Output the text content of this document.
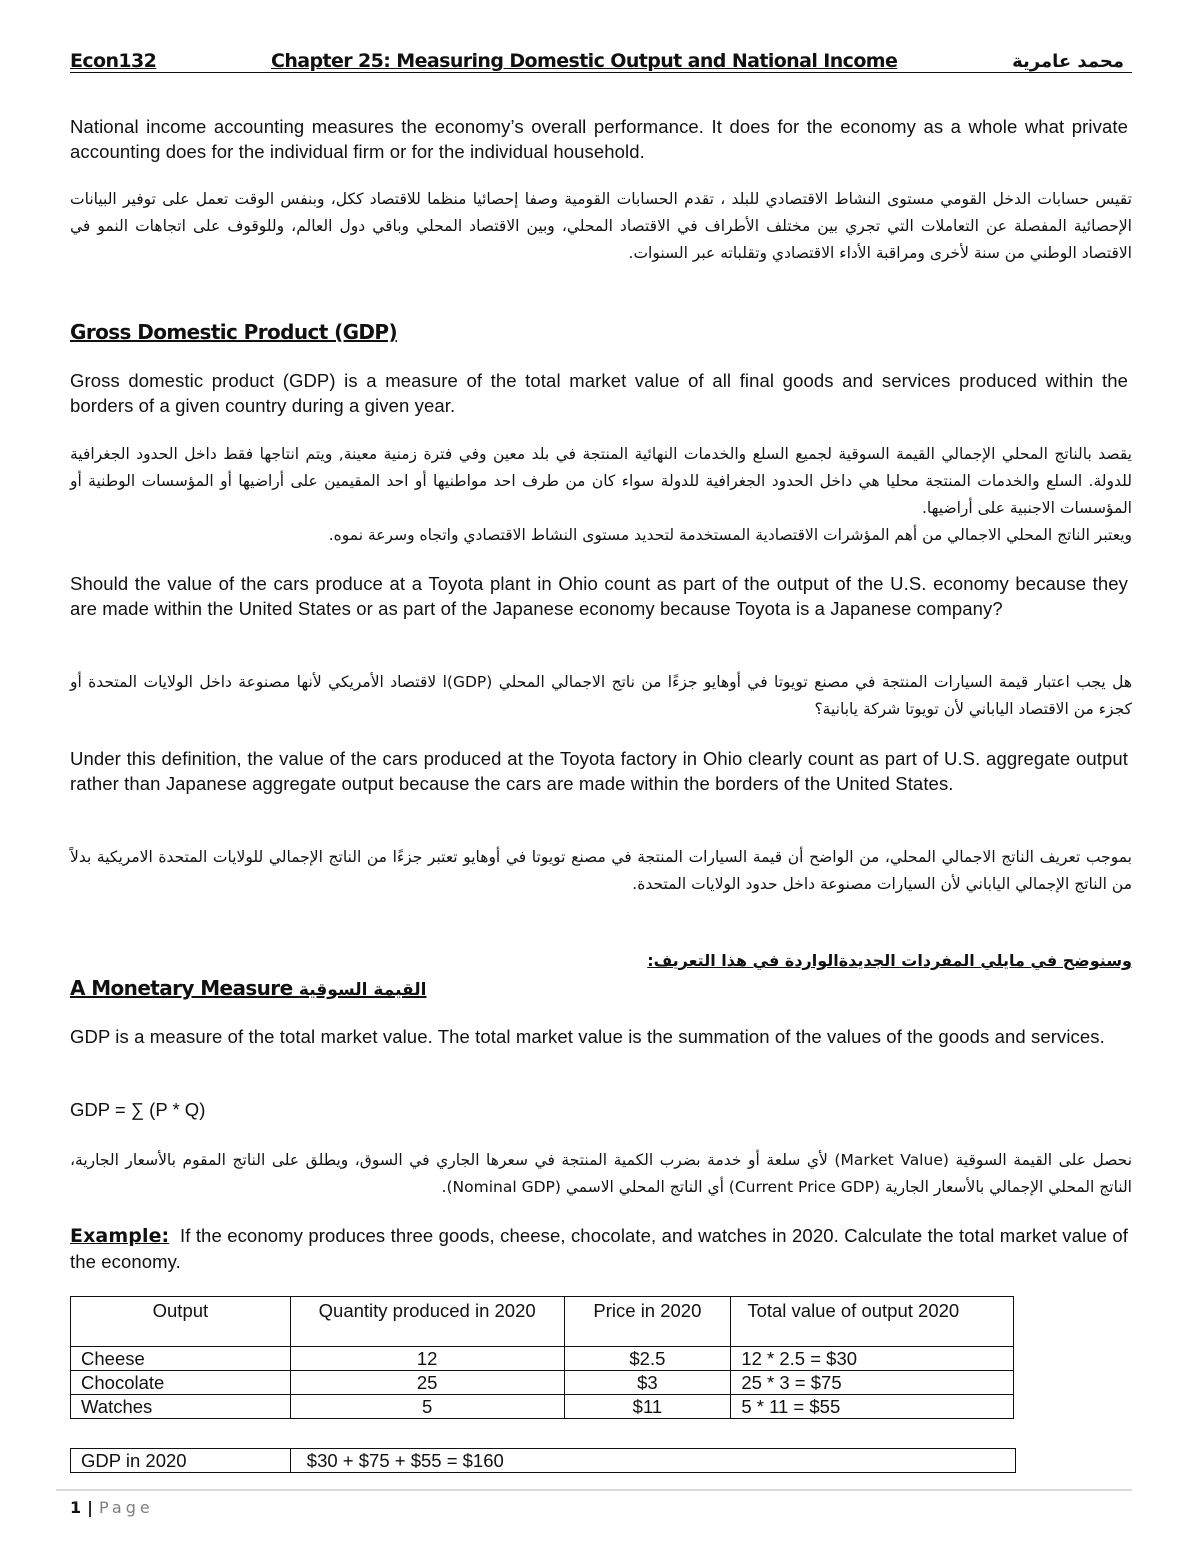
Econ132	Chapter 25: Measuring Domestic Output and National Income	محمد عامرية
National income accounting measures the economy’s overall performance. It does for the economy as a whole what private accounting does for the individual firm or for the individual household.
تقيس حسابات الدخل القومي مستوى النشاط الاقتصادي للبلد ، تقدم الحسابات القومية وصفا إحصائيا منظما للاقتصاد ككل، وبنفس الوقت تعمل على توفير البيانات الإحصائية المفصلة عن التعاملات التي تجري بين مختلف الأطراف في الاقتصاد المحلي، وبين الاقتصاد المحلي وباقي دول العالم، وللوقوف على اتجاهات النمو في الاقتصاد الوطني من سنة لأخرى ومراقبة الأداء الاقتصادي وتقلباته عبر السنوات.
Gross Domestic Product (GDP)
Gross domestic product (GDP) is a measure of the total market value of all final goods and services produced within the borders of a given country during a given year.
يقصد بالناتج المحلي الإجمالي القيمة السوقية لجميع السلع والخدمات النهائية المنتجة في بلد معين وفي فترة زمنية معينة, ويتم انتاجها فقط داخل الحدود الجغرافية للدولة. السلع والخدمات المنتجة محليا هي داخل الحدود الجغرافية للدولة سواء كان من طرف احد مواطنيها أو احد المقيمين على أراضيها أو المؤسسات الوطنية أو المؤسسات الاجنبية على أراضيها.
ويعتبر الناتج المحلي الاجمالي من أهم المؤشرات الاقتصادية المستخدمة لتحديد مستوى النشاط الاقتصادي واتجاه وسرعة نموه.
Should the value of the cars produce at a Toyota plant in Ohio count as part of the output of the U.S. economy because they are made within the United States or as part of the Japanese economy because Toyota is a Japanese company?
هل يجب اعتبار قيمة السيارات المنتجة في مصنع تويوتا في أوهايو جزءًا من ناتج الاجمالي المحلي (GDP)ا لاقتصاد الأمريكي لأنها مصنوعة داخل الولايات المتحدة أو كجزء من الاقتصاد الياباني لأن تويوتا شركة يابانية؟
Under this definition, the value of the cars produced at the Toyota factory in Ohio clearly count as part of U.S. aggregate output rather than Japanese aggregate output because the cars are made within the borders of the United States.
بموجب تعريف الناتج الاجمالي المحلي، من الواضح أن قيمة السيارات المنتجة في مصنع تويوتا في أوهايو تعتبر جزءًا من الناتج الإجمالي للولايات المتحدة الامريكية بدلاً من الناتج الإجمالي الياباني لأن السيارات مصنوعة داخل حدود الولايات المتحدة.
وسنوضح في مايلي المفردات الجديدةالواردة في هذا التعريف:
A Monetary Measure القيمة السوقية
GDP is a measure of the total market value. The total market value is the summation of the values of the goods and services.
GDP = ∑ (P * Q)
نحصل على القيمة السوقية (Market Value) لأي سلعة أو خدمة بضرب الكمية المنتجة في سعرها الجاري في السوق، ويطلق على الناتج المقوم بالأسعار الجارية، الناتج المحلي الإجمالي بالأسعار الجارية (Current Price GDP) أي الناتج المحلي الاسمي (Nominal GDP).
Example: If the economy produces three goods, cheese, chocolate, and watches in 2020. Calculate the total market value of the economy.
Output	Quantity produced in 2020	Price in 2020	Total value of output 2020
Cheese	12	$2.5	12 * 2.5 = $30
Chocolate	25	$3	25 * 3 = $75
Watches	5	$11	5 * 11 = $55
GDP in 2020	$30 + $75 + $55 = $160
1 | Page
